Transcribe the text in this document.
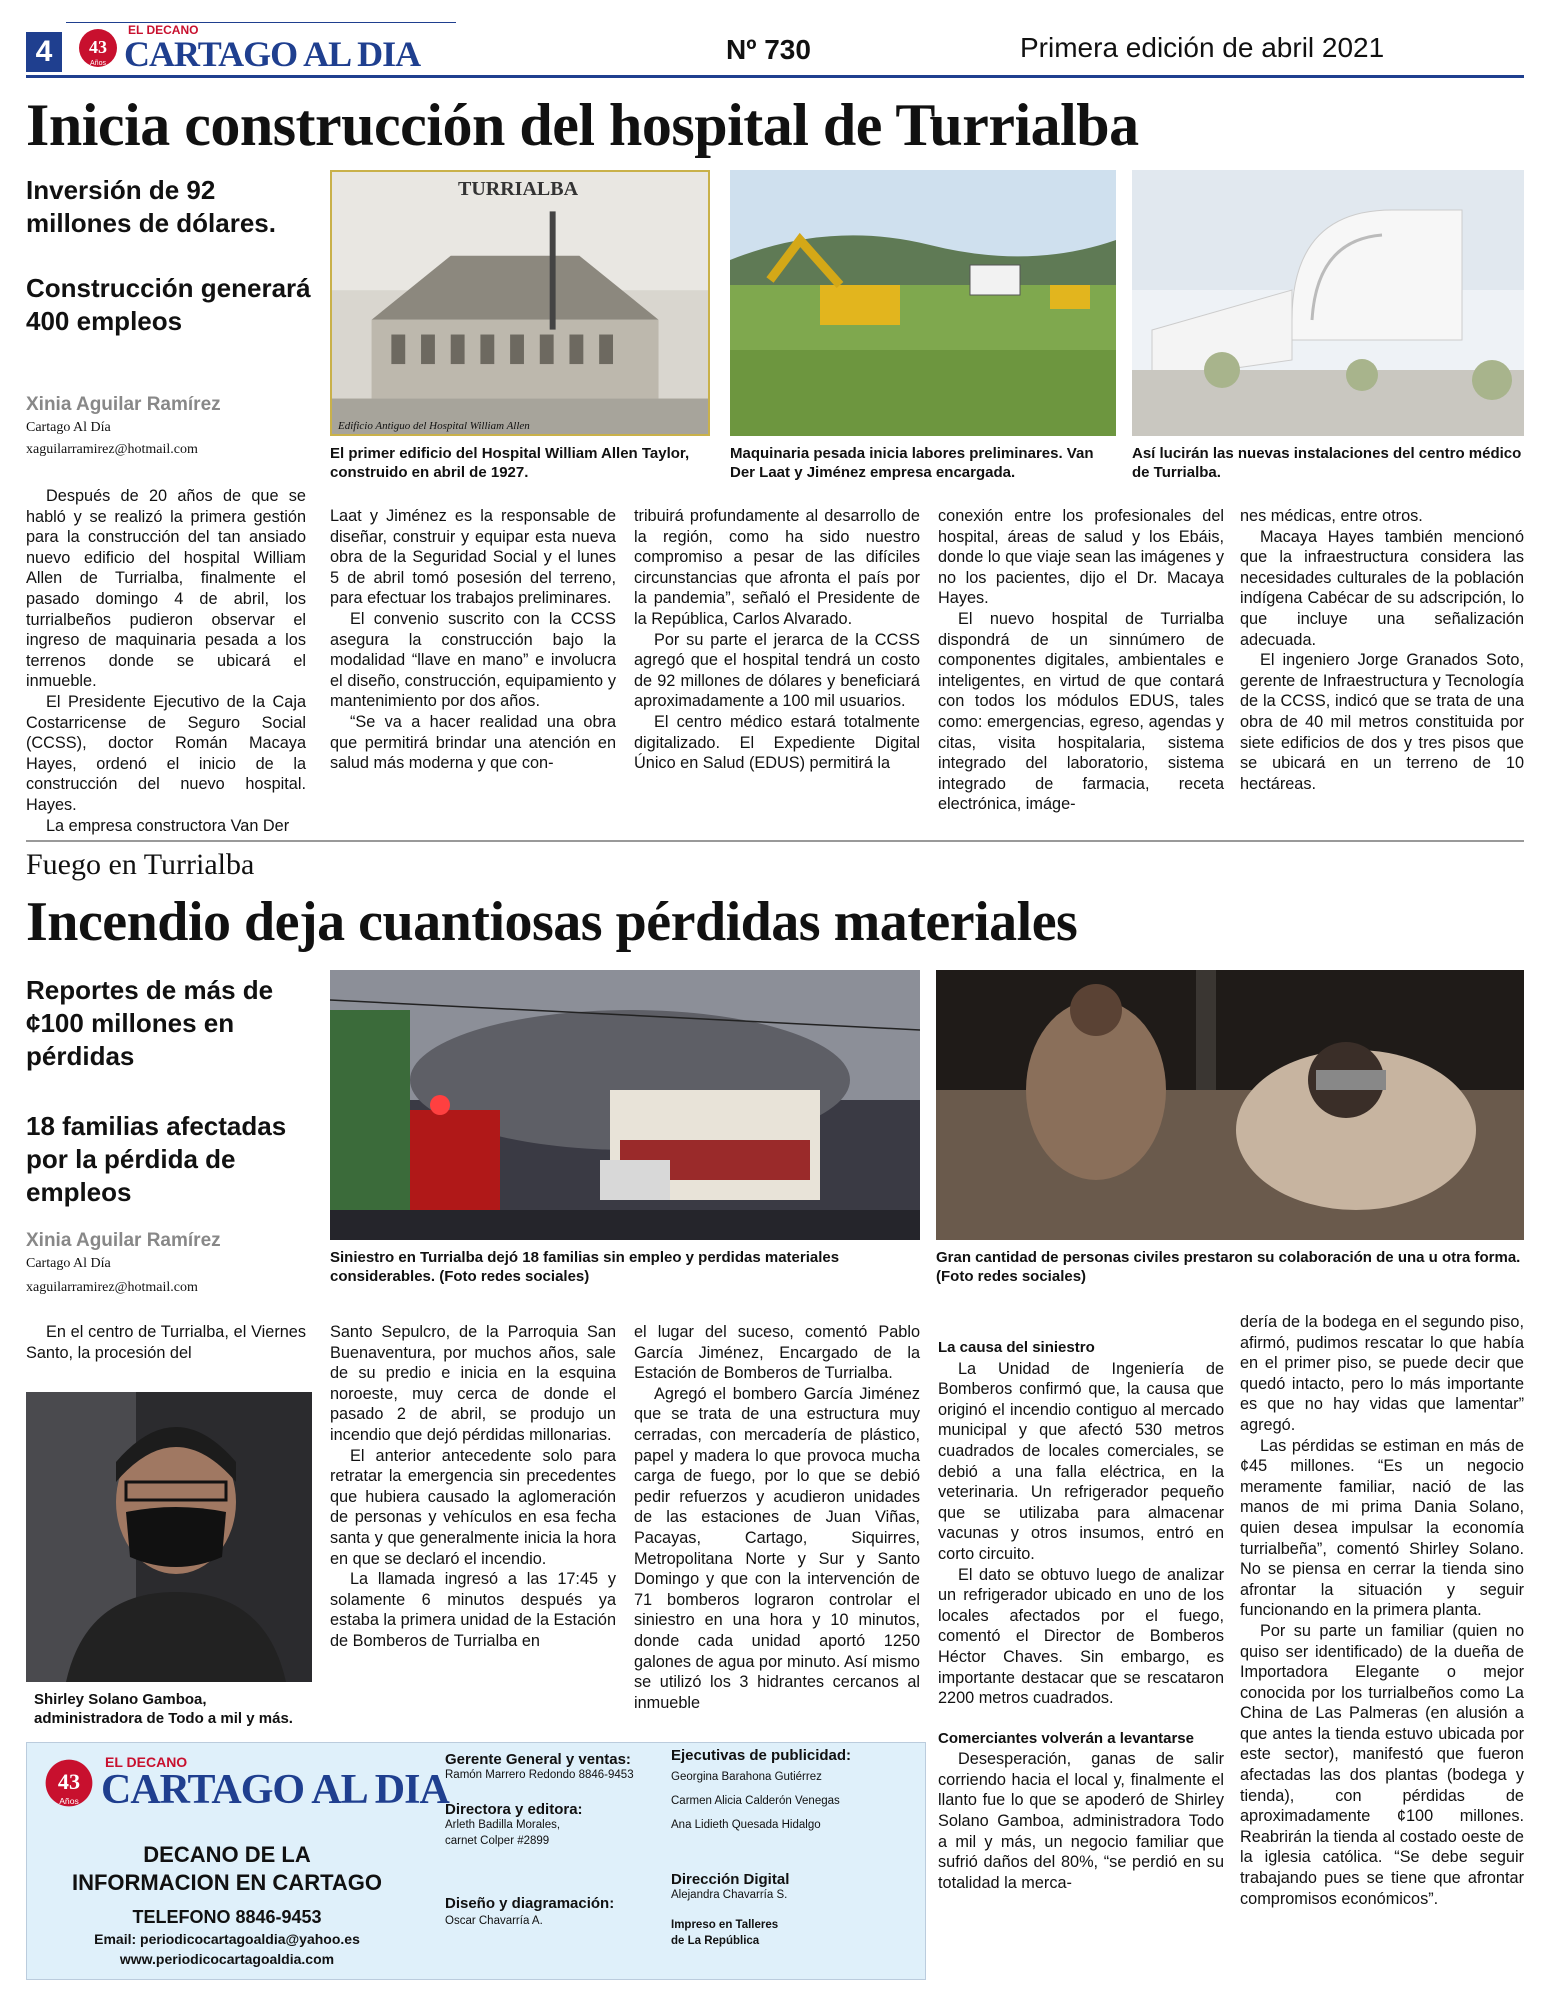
4	43
Años
EL DECANO
CARTAGO AL DIA	Nº 730	Primera edición de abril 2021
Inicia construcción del hospital de Turrialba
Inversión de 92 millones de dólares.
Construcción generará 400 empleos
Xinia Aguilar Ramírez
Cartago Al Día
xaguilarramirez@hotmail.com
TURRIALBA
Edificio Antiguo del Hospital William Allen
El primer edificio del Hospital William Allen Taylor, construido en abril de 1927.
Maquinaria pesada inicia labores preliminares. Van Der Laat y Jiménez empresa encargada.
Así lucirán las nuevas instalaciones del centro médico de Turrialba.

Después de 20 años de que se habló y se realizó la primera gestión para la construcción del tan ansiado nuevo edificio del hospital William Allen de Turrialba, finalmente el pasado domingo 4 de abril, los turrialbeños pudieron observar el ingreso de maquinaria pesada a los terrenos donde se ubicará el inmueble.

El Presidente Ejecutivo de la Caja Costarricense de Seguro Social (CCSS), doctor Román Macaya Hayes, ordenó el inicio de la construcción del nuevo hospital. Hayes.

La empresa constructora Van Der

Laat y Jiménez es la responsable de diseñar, construir y equipar esta nueva obra de la Seguridad Social y el lunes 5 de abril tomó posesión del terreno, para efectuar los trabajos preliminares.

El convenio suscrito con la CCSS asegura la construcción bajo la modalidad “llave en mano” e involucra el diseño, construcción, equipamiento y mantenimiento por dos años.

“Se va a hacer realidad una obra que permitirá brindar una atención en salud más moderna y que con-

tribuirá profundamente al desarrollo de la región, como ha sido nuestro compromiso a pesar de las difíciles circunstancias que afronta el país por la pandemia”, señaló el Presidente de la República, Carlos Alvarado.

Por su parte el jerarca de la CCSS agregó que el hospital tendrá un costo de 92 millones de dólares y beneficiará aproximadamente a 100 mil usuarios.

El centro médico estará totalmente digitalizado. El Expediente Digital Único en Salud (EDUS) permitirá la

conexión entre los profesionales del hospital, áreas de salud y los Ebáis, donde lo que viaje sean las imágenes y no los pacientes, dijo el Dr. Macaya Hayes.

El nuevo hospital de Turrialba dispondrá de un sinnúmero de componentes digitales, ambientales e inteligentes, en virtud de que contará con todos los módulos EDUS, tales como: emergencias, egreso, agendas y citas, visita hospitalaria, sistema integrado del laboratorio, sistema integrado de farmacia, receta electrónica, imáge-

nes médicas, entre otros.

Macaya Hayes también mencionó que la infraestructura considera las necesidades culturales de la población indígena Cabécar de su adscripción, lo que incluye una señalización adecuada.

El ingeniero Jorge Granados Soto, gerente de Infraestructura y Tecnología de la CCSS, indicó que se trata de una obra de 40 mil metros constituida por siete edificios de dos y tres pisos que se ubicará en un terreno de 10 hectáreas.

Fuego en Turrialba
Incendio deja cuantiosas pérdidas materiales
Reportes de más de ¢100 millones en pérdidas
18 familias afectadas por la pérdida de empleos
Xinia Aguilar Ramírez
Cartago Al Día
xaguilarramirez@hotmail.com
Siniestro en Turrialba dejó 18 familias sin empleo y perdidas materiales considerables. (Foto redes sociales)
Gran cantidad de personas civiles prestaron su colaboración de una u otra forma. (Foto redes sociales)

En el centro de Turrialba, el Viernes Santo, la procesión del

Shirley Solano Gamboa, administradora de Todo a mil y más.

Santo Sepulcro, de la Parroquia San Buenaventura, por muchos años, sale de su predio e inicia en la esquina noroeste, muy cerca de donde el pasado 2 de abril, se produjo un incendio que dejó pérdidas millonarias.

El anterior antecedente solo para retratar la emergencia sin precedentes que hubiera causado la aglomeración de personas y vehículos en esa fecha santa y que generalmente inicia la hora en que se declaró el incendio.

La llamada ingresó a las 17:45 y solamente 6 minutos después ya estaba la primera unidad de la Estación de Bomberos de Turrialba en

el lugar del suceso, comentó Pablo García Jiménez, Encargado de la Estación de Bomberos de Turrialba.

Agregó el bombero García Jiménez que se trata de una estructura muy cerradas, con mercadería de plástico, papel y madera lo que provoca mucha carga de fuego, por lo que se debió pedir refuerzos y acudieron unidades de las estaciones de Juan Viñas, Pacayas, Cartago, Siquirres, Metropolitana Norte y Sur y Santo Domingo y que con la intervención de 71 bomberos lograron controlar el siniestro en una hora y 10 minutos, donde cada unidad aportó 1250 galones de agua por minuto. Así mismo se utilizó los 3 hidrantes cercanos al inmueble

La causa del siniestro

La Unidad de Ingeniería de Bomberos confirmó que, la causa que originó el incendio contiguo al mercado municipal y que afectó 530 metros cuadrados de locales comerciales, se debió a una falla eléctrica, en la veterinaria. Un refrigerador pequeño que se utilizaba para almacenar vacunas y otros insumos, entró en corto circuito.

El dato se obtuvo luego de analizar un refrigerador ubicado en uno de los locales afectados por el fuego, comentó el Director de Bomberos Héctor Chaves. Sin embargo, es importante destacar que se rescataron 2200 metros cuadrados.

Comerciantes volverán a levantarse

Desesperación, ganas de salir corriendo hacia el local y, finalmente el llanto fue lo que se apoderó de Shirley Solano Gamboa, administradora Todo a mil y más, un negocio familiar que sufrió daños del 80%, “se perdió en su totalidad la merca-

dería de la bodega en el segundo piso, afirmó, pudimos rescatar lo que había en el primer piso, se puede decir que quedó intacto, pero lo más importante es que no hay vidas que lamentar” agregó.

Las pérdidas se estiman en más de ¢45 millones. “Es un negocio meramente familiar, nació de las manos de mi prima Dania Solano, quien desea impulsar la economía turrialbeña”, comentó Shirley Solano. No se piensa en cerrar la tienda sino afrontar la situación y seguir funcionando en la primera planta.

Por su parte un familiar (quien no quiso ser identificado) de la dueña de Importadora Elegante o mejor conocida por los turrialbeños como La China de Las Palmeras (en alusión a que antes la tienda estuvo ubicada por este sector), manifestó que fueron afectadas las dos plantas (bodega y tienda), con pérdidas de aproximadamente ¢100 millones. Reabrirán la tienda al costado oeste de la iglesia católica. “Se debe seguir trabajando pues se tiene que afrontar compromisos económicos”.

43
Años
EL DECANO
CARTAGO AL DIA
DECANO DE LA
INFORMACION EN CARTAGO
TELEFONO 8846-9453
Email: periodicocartagoaldia@yahoo.es
www.periodicocartagoaldia.com
Gerente General y ventas:
Ramón Marrero Redondo 8846-9453
Directora y editora:
Arleth Badilla Morales,
carnet Colper #2899
Diseño y diagramación:
Oscar Chavarría A.
Ejecutivas de publicidad:
Georgina Barahona Gutiérrez
Carmen Alicia Calderón Venegas
Ana Lidieth Quesada Hidalgo
Dirección Digital
Alejandra Chavarría S.
Impreso en Talleres
de La República
